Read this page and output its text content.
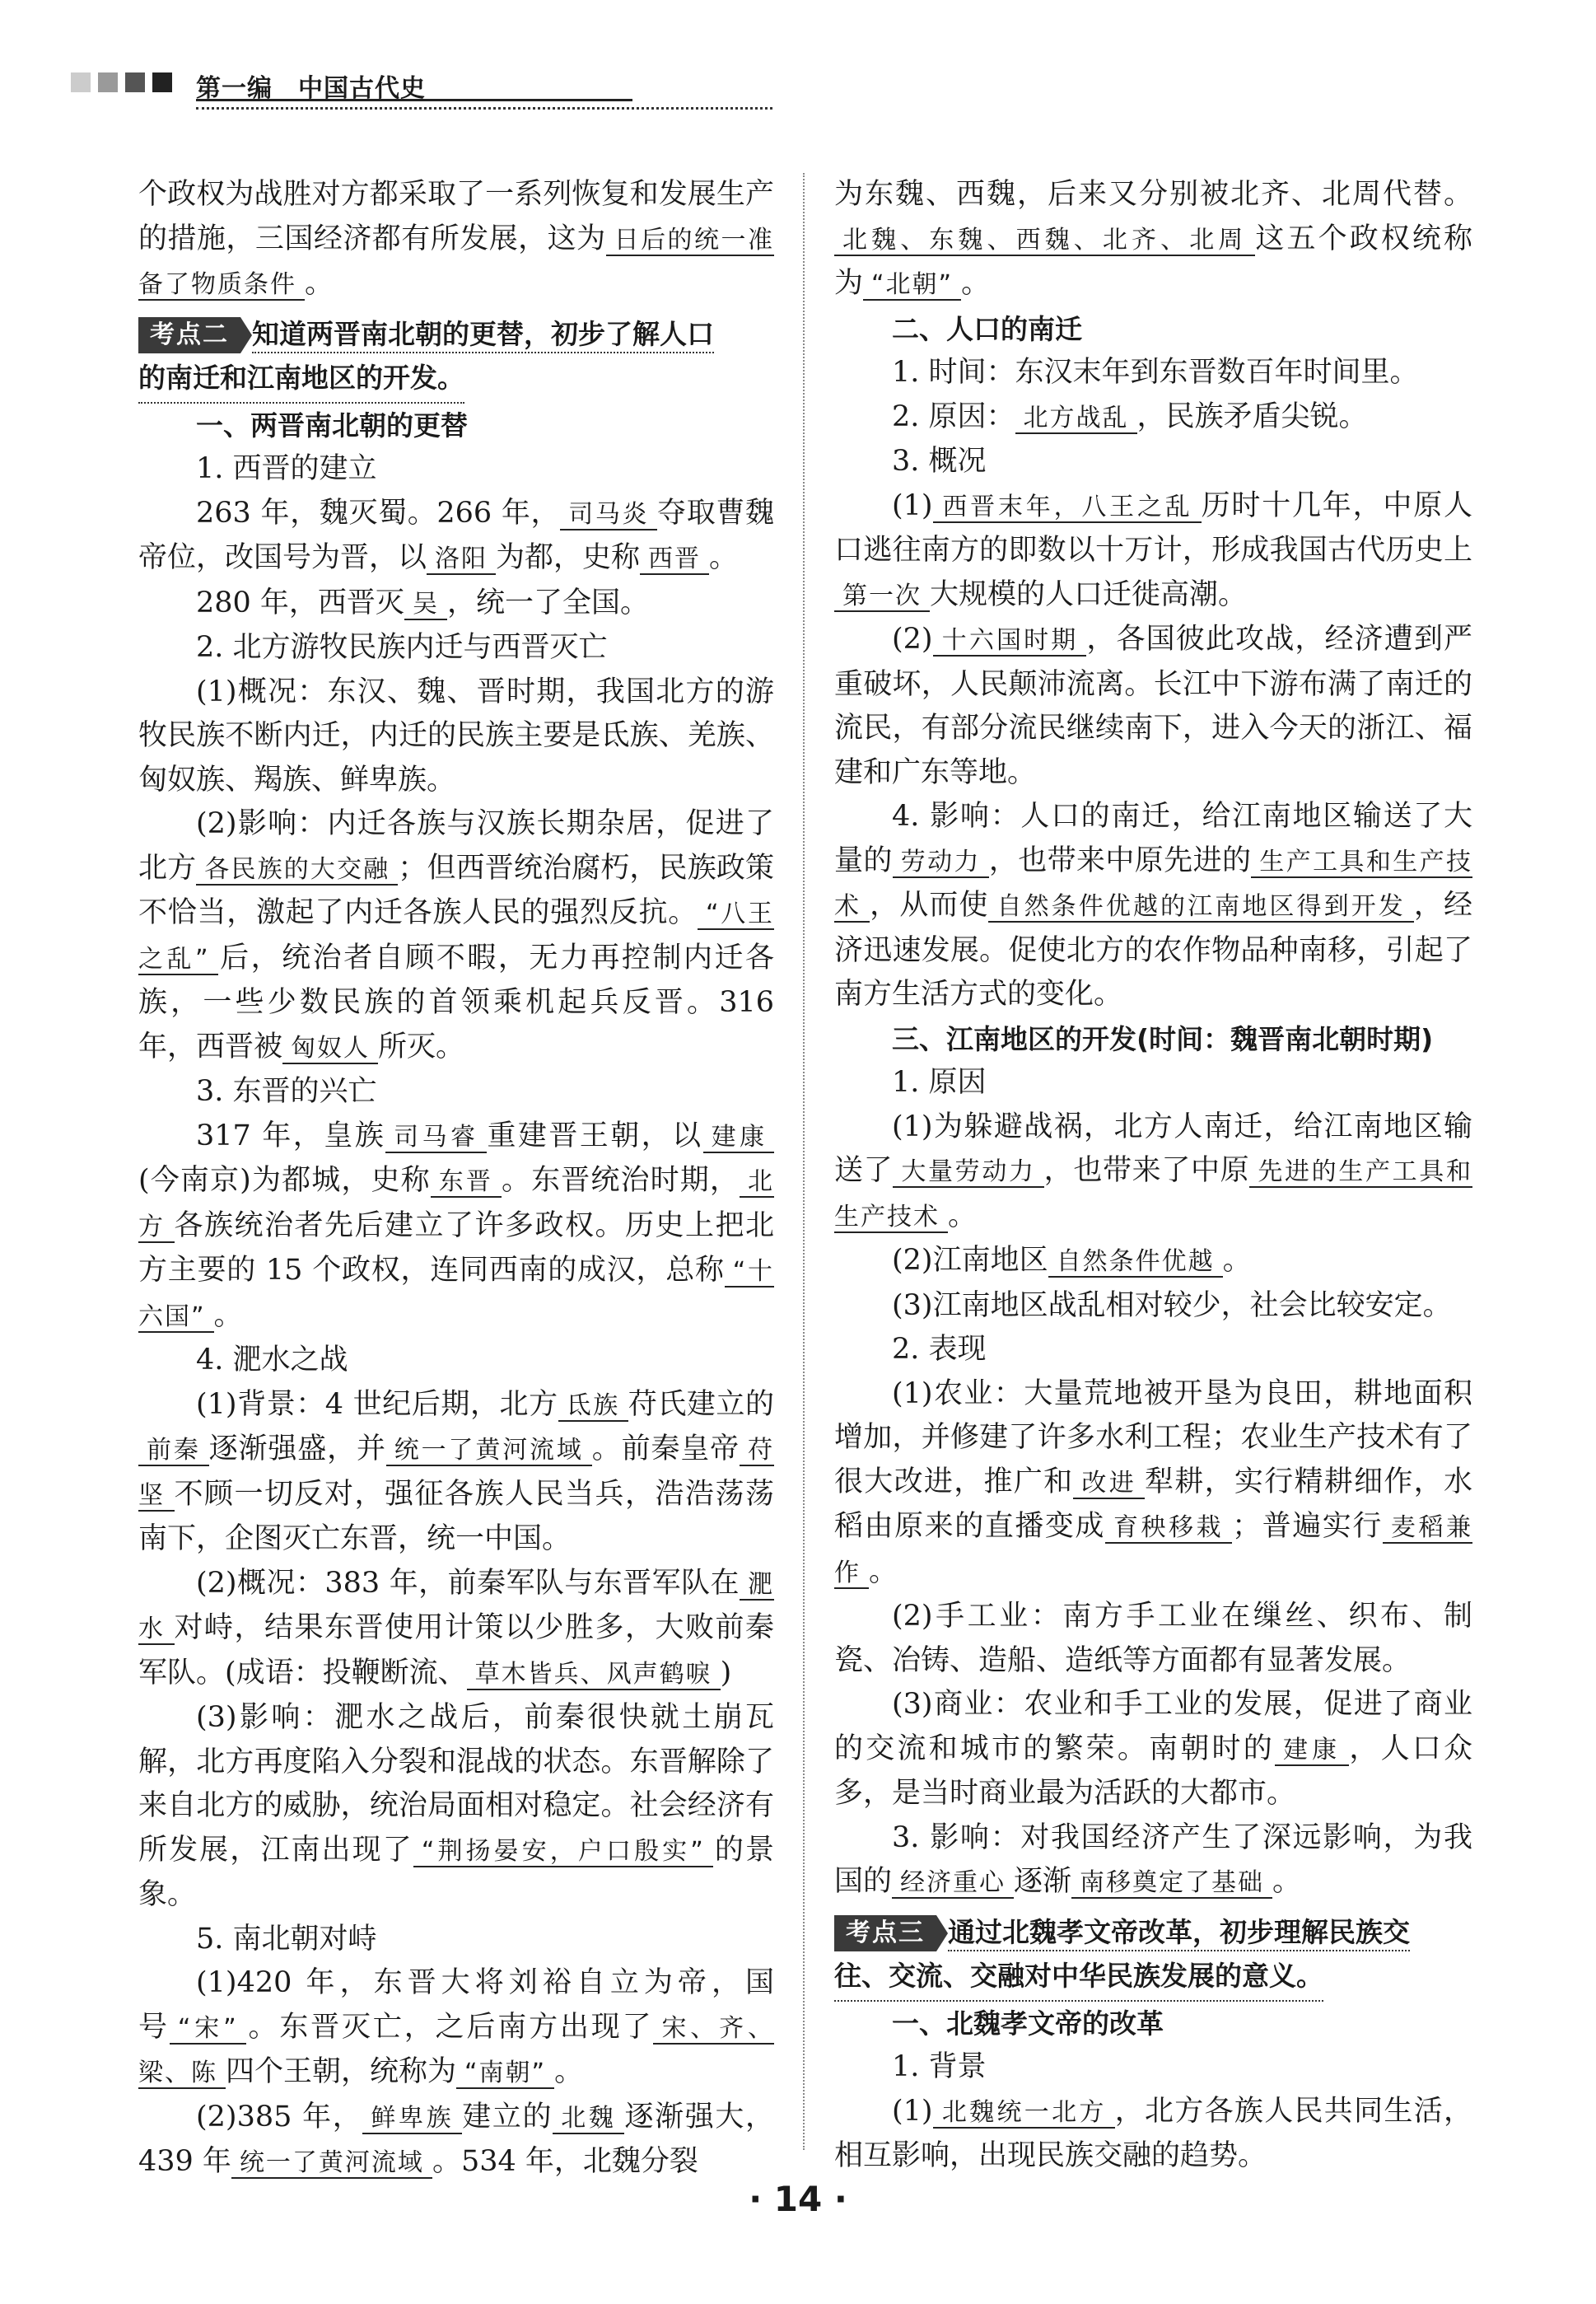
第一编　中国古代史

个政权为战胜对方都采取了一系列恢复和发展生产的措施，三国经济都有所发展，这为 日后的统一准备了物质条件 。

考点二 知道两晋南北朝的更替，初步了解人口

的南迁和江南地区的开发。

一、两晋南北朝的更替

1. 西晋的建立

263 年，魏灭蜀。266 年， 司马炎 夺取曹魏帝位，改国号为晋，以 洛阳 为都，史称 西晋 。

280 年，西晋灭 吴 ，统一了全国。

2. 北方游牧民族内迁与西晋灭亡

(1)概况：东汉、魏、晋时期，我国北方的游牧民族不断内迁，内迁的民族主要是氐族、羌族、匈奴族、羯族、鲜卑族。

(2)影响：内迁各族与汉族长期杂居，促进了北方 各民族的大交融 ；但西晋统治腐朽，民族政策不恰当，激起了内迁各族人民的强烈反抗。 “八王之乱” 后，统治者自顾不暇，无力再控制内迁各族，一些少数民族的首领乘机起兵反晋。316 年，西晋被 匈奴人 所灭。

3. 东晋的兴亡

317 年，皇族 司马睿 重建晋王朝，以 建康(今南京)为都城，史称 东晋 。东晋统治时期， 北方 各族统治者先后建立了许多政权。历史上把北方主要的 15 个政权，连同西南的成汉，总称 “十六国” 。

4. 淝水之战

(1)背景：4 世纪后期，北方 氐族 苻氏建立的前秦 逐渐强盛，并 统一了黄河流域 。前秦皇帝 苻坚 不顾一切反对，强征各族人民当兵，浩浩荡荡南下，企图灭亡东晋，统一中国。

(2)概况：383 年，前秦军队与东晋军队在 淝水 对峙，结果东晋使用计策以少胜多，大败前秦军队。(成语：投鞭断流、 草木皆兵、风声鹤唳 )

(3)影响：淝水之战后，前秦很快就土崩瓦解，北方再度陷入分裂和混战的状态。东晋解除了来自北方的威胁，统治局面相对稳定。社会经济有所发展，江南出现了 “荆扬晏安，户口殷实” 的景象。

5. 南北朝对峙

(1)420 年，东晋大将刘裕自立为帝，国号 “宋” 。东晋灭亡，之后南方出现了 宋、齐、梁、陈 四个王朝，统称为 “南朝” 。

(2)385 年， 鲜卑族 建立的 北魏 逐渐强大，439 年 统一了黄河流域 。534 年，北魏分裂

为东魏、西魏，后来又分别被北齐、北周代替。北魏、东魏、西魏、北齐、北周 这五个政权统称为 “北朝” 。

二、人口的南迁

1. 时间：东汉末年到东晋数百年时间里。

2. 原因： 北方战乱 ，民族矛盾尖锐。

3. 概况

(1) 西晋末年，八王之乱 历时十几年，中原人口逃往南方的即数以十万计，形成我国古代历史上第一次 大规模的人口迁徙高潮。

(2) 十六国时期 ，各国彼此攻战，经济遭到严重破坏，人民颠沛流离。长江中下游布满了南迁的流民，有部分流民继续南下，进入今天的浙江、福建和广东等地。

4. 影响：人口的南迁，给江南地区输送了大量的 劳动力 ，也带来中原先进的 生产工具和生产技术 ，从而使 自然条件优越的江南地区得到开发 ，经济迅速发展。促使北方的农作物品种南移，引起了南方生活方式的变化。

三、江南地区的开发(时间：魏晋南北朝时期)

1. 原因

(1)为躲避战祸，北方人南迁，给江南地区输送了 大量劳动力 ，也带来了中原 先进的生产工具和生产技术 。

(2)江南地区 自然条件优越 。

(3)江南地区战乱相对较少，社会比较安定。

2. 表现

(1)农业：大量荒地被开垦为良田，耕地面积增加，并修建了许多水利工程；农业生产技术有了很大改进，推广和 改进 犁耕，实行精耕细作，水稻由原来的直播变成 育秧移栽 ；普遍实行 麦稻兼作 。

(2)手工业：南方手工业在缫丝、织布、制瓷、冶铸、造船、造纸等方面都有显著发展。

(3)商业：农业和手工业的发展，促进了商业的交流和城市的繁荣。南朝时的 建康 ，人口众多，是当时商业最为活跃的大都市。

3. 影响：对我国经济产生了深远影响，为我国的 经济重心 逐渐 南移奠定了基础 。

考点三 通过北魏孝文帝改革，初步理解民族交

往、交流、交融对中华民族发展的意义。

一、北魏孝文帝的改革

1. 背景

(1) 北魏统一北方 ，北方各族人民共同生活，相互影响，出现民族交融的趋势。

· 14 ·
